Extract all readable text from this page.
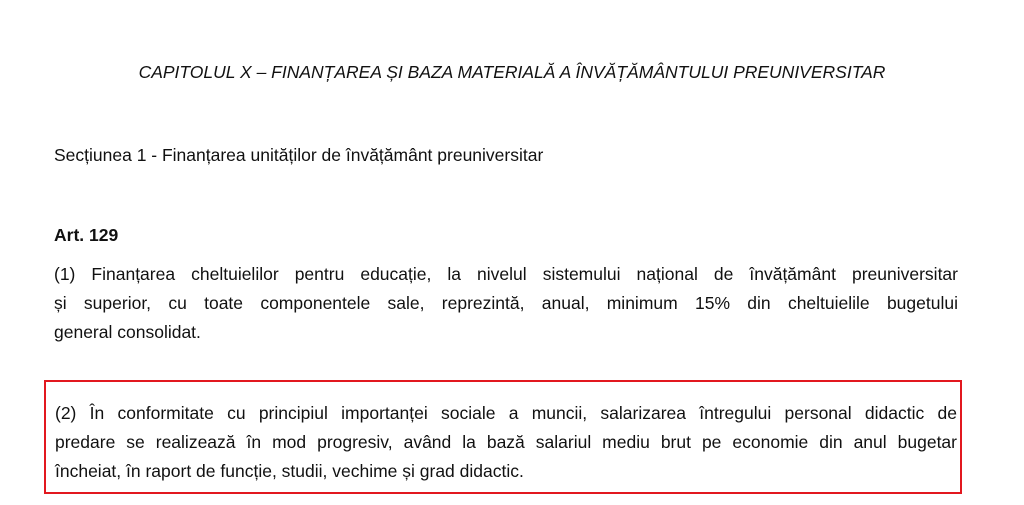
CAPITOLUL X – FINANȚAREA ȘI BAZA MATERIALĂ A ÎNVĂȚĂMÂNTULUI PREUNIVERSITAR
Secțiunea 1 - Finanțarea unităților de învățământ preuniversitar
Art. 129
(1) Finanțarea cheltuielilor pentru educație, la nivelul sistemului național de învățământ preuniversitar
și superior, cu toate componentele sale, reprezintă, anual, minimum 15% din cheltuielile bugetului
general consolidat.
(2) În conformitate cu principiul importanței sociale a muncii, salarizarea întregului personal didactic de
predare se realizează în mod progresiv, având la bază salariul mediu brut pe economie din anul bugetar
încheiat, în raport de funcție, studii, vechime și grad didactic.
